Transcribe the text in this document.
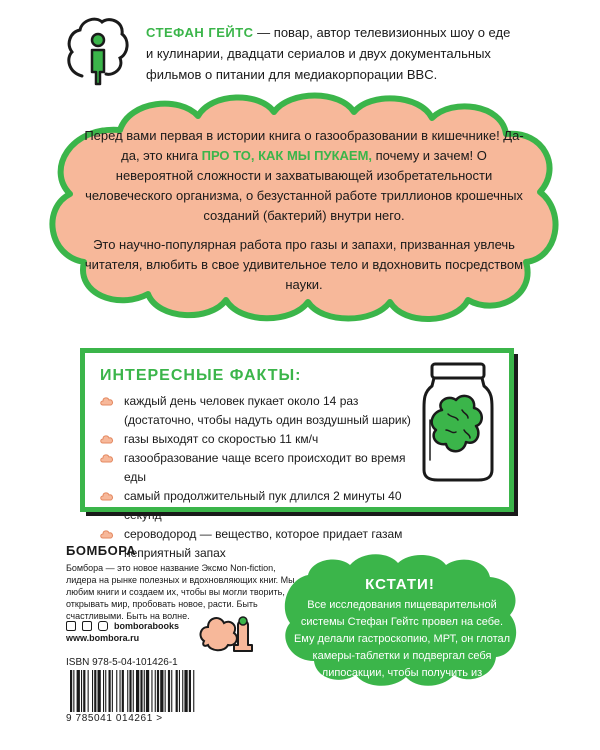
СТЕФАН ГЕЙТС — повар, автор телевизионных шоу о еде
и кулинарии, двадцати сериалов и двух документальных
фильмов о питании для медиакорпорации BBC.

Перед вами первая в истории книга о газообразовании в кишечнике! Да-да, это книга ПРО ТО, КАК МЫ ПУКАЕМ, почему и зачем! О невероятной сложности и захватывающей изобретательности человеческого организма, о безустанной работе триллионов крошечных созданий (бактерий) внутри него.

Это научно-популярная работа про газы и запахи, призванная увлечь читателя, влюбить в свое удивительное тело и вдохновить посредством науки.

ИНТЕРЕСНЫЕ ФАКТЫ:
каждый день человек пукает около 14 раз (достаточно, чтобы надуть один воздушный шарик)
газы выходят со скоростью 11 км/ч
газообразование чаще всего происходит во время еды
самый продолжительный пук длился 2 минуты 40 секунд
сероводород — вещество, которое придает газам неприятный запах
БОМБОРА
Бомбора — это новое название Эксмо Non-fiction, лидера на рынке полезных и вдохновляющих книг. Мы любим книги и создаем их, чтобы вы могли творить, открывать мир, пробовать новое, расти. Быть счастливыми. Быть на волне.
bomborabooks
www.bombora.ru
ISBN 978-5-04-101426-1
9 785041 014261 >
КСТАТИ!
Все исследования пищеварительной системы Стефан Гейтс провел на себе. Ему делали гастроскопию, МРТ, он глотал камеры-таблетки и подвергал себя липосакции, чтобы получить из человеческого жира кулинарные ингредиенты.
